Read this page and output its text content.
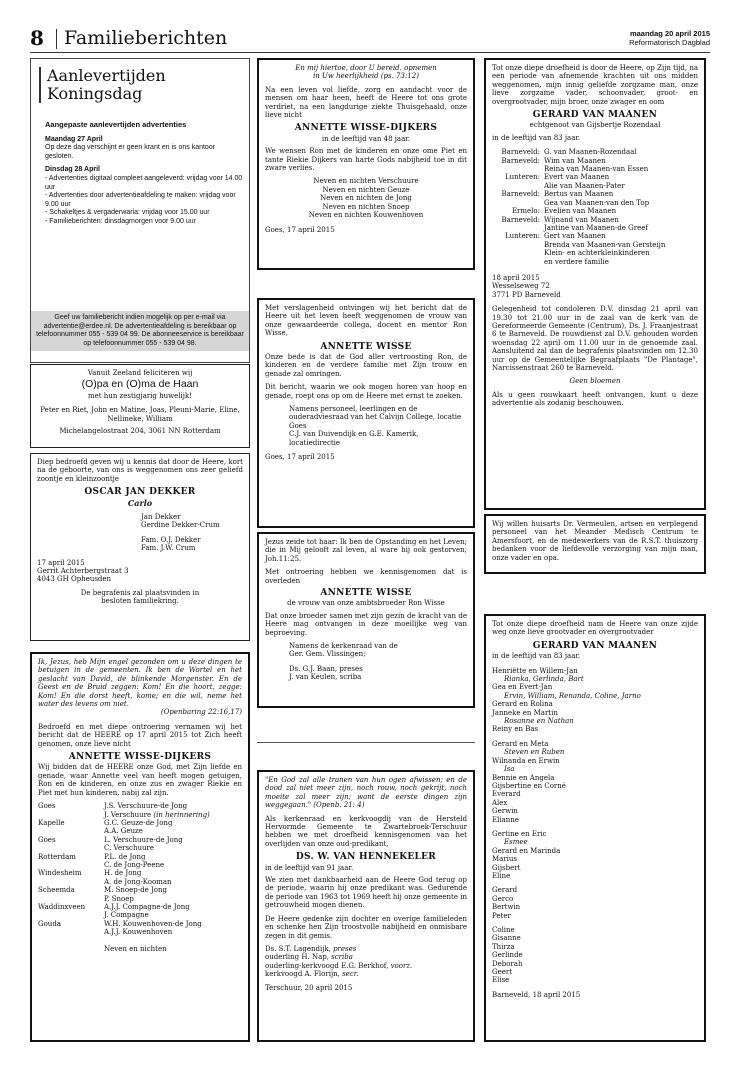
8 Familieberichten	maandag 20 april 2015
Reformatorisch Dagblad
Aanlevertijden
Koningsdag
Aangepaste aanlevertijden advertenties
Maandag 27 April

Op deze dag verschijnt er geen krant en is ons kantoor gesloten.

Dinsdag 28 April
- Advertenties digitaal compleet aangeleverd: vrijdag voor 14.00 uur
- Advertenties door advertentieafdeling te maken: vrijdag voor 9.00 uur
- Schakeltjes & vergaderwaria: vrijdag voor 15.00 uur
- Familieberichten: dinsdagmorgen voor 9.00 uur
Geef uw familiebericht indien mogelijk op per e-mail via advertentie@erdee.nl. De advertentieafdeling is bereikbaar op telefoonnummer 055 - 539 04 99. De abonneeservice is bereikbaar op telefoonnummer 055 - 539 04 98.
Vanuit Zeeland feliciteren wij
(O)pa en (O)ma de Haan
met hun zestigjarig huwelijk!
Peter en Riet, John en Matine, Joas, Pleuni-Marie, Eline, Nellineke, William
Michelangelostraat 204, 3061 NN Rotterdam

Diep bedroefd geven wij u kennis dat door de Heere, kort na de geboorte, van ons is weggenomen ons zeer geliefd zoontje en kleinzoontje

OSCAR JAN DEKKER
Carlo
Jan Dekker
Gerdine Dekker-Crum
Fam. O.J. Dekker
Fam. J.W. Crum
17 april 2015
Gerrit Achterbergstraat 3
4043 GH Opheusden
De begrafenis zal plaatsvinden in besloten familiekring.

Ik, Jezus, heb Mijn engel gezonden om u deze dingen te betuigen in de gemeenten. Ik ben de Wortel en het geslacht van David, de blinkende Morgenster. En de Geest en de Bruid zeggen: Kom! En die hoort, zegge: Kom! En die dorst heeft, kome; en die wil, neme het water des levens om niet.

(Openbaring 22:16,17)

Bedroefd en met diepe ontroering vernamen wij het bericht dat de HEERE op 17 april 2015 tot Zich heeft genomen, onze lieve nicht

ANNETTE WISSE-DIJKERS

Wij bidden dat de HEERE onze God, met Zijn liefde en genade, waar Annette veel van heeft mogen getuigen, Ron en de kinderen, en onze zus en zwager Riekie en Piet met hun kinderen, nabij zal zijn.

Goes	J.S. Verschuure-de Jong
J. Verschuure (in herinnering)
Kapelle	G.C. Geuze-de Jong
A.A. Geuze
Goes	L. Verschuure-de Jong
C. Verschuure
Rotterdam	P.L. de Jong
C. de Jong-Peene
Windesheim	H. de Jong
A. de Jong-Kooman
Scheemda	M. Snoep-de Jong
P. Snoep
Waddinxveen	A.J.J. Compagne-de Jong
J. Compagne
Gouda	W.H. Kouwenhoven-de Jong
A.J.J. Kouwenhoven
Neven en nichten

En mij hiertoe, door U bereid, opnemen in Uw heerlijkheid (ps. 73:12)

Na een leven vol liefde, zorg en aandacht voor de mensen om haar heen, heeft de Heere tot ons grote verdriet, na een langdurige ziekte Thuisgehaald, onze lieve nicht

ANNETTE WISSE-DIJKERS
in de leeftijd van 48 jaar.

We wensen Ron met de kinderen en onze ome Piet en tante Riekie Dijkers van harte Gods nabijheid toe in dit zware verlies.

Neven en nichten Verschuure
Neven en nichten Geuze
Neven en nichten de Jong
Neven en nichten Snoep
Neven en nichten Kouwenhoven
Goes, 17 april 2015

Met verslagenheid ontvingen wij het bericht dat de Heere uit het leven heeft weggenomen de vrouw van onze gewaardeerde collega, docent en mentor Ron Wisse,

ANNETTE WISSE

Onze bede is dat de God aller vertroosting Ron, de kinderen en de verdere familie met Zijn trouw en genade zal omringen.

Dit bericht, waarin we ook mogen horen van hoop en genade, roept ons op om de Heere met ernst te zoeken.

Namens personeel, leerlingen en de ouderadviesraad van het Calvijn College, locatie Goes
C.J. van Duivendijk en G.E. Kamerik, locatiedirectie
Goes, 17 april 2015

Jezus zeide tot haar: Ik ben de Opstanding en het Leven; die in Mij gelooft zal leven, al ware hij ook gestorven; Joh.11:25.

Met ontroering hebben we kennisgenomen dat is overleden

ANNETTE WISSE
de vrouw van onze ambtsbroeder Ron Wisse

Dat onze broeder samen met zijn gezin de kracht van de Heere mag ontvangen in deze moeilijke weg van beproeving.

Namens de kerkenraad van de
Ger. Gem. Vlissingen;
Ds. G.J. Baan, preses
J. van Keulen, scriba

"En God zal alle tranen van hun ogen afwissen; en de dood zal niet meer zijn, noch rouw, noch gekrijt, noch moeite zal meer zijn; want de eerste dingen zijn weggegaan." (Openb. 21: 4)

Als kerkenraad en kerkvoogdij van de Hersteld Hervormde Gemeente te Zwartebroek-Terschuur hebben we met droefheid kennisgenomen van het overlijden van onze oud-predikant,

DS. W. VAN HENNEKELER
in de leeftijd van 91 jaar.

We zien met dankbaarheid aan de Heere God terug op de periode, waarin hij onze predikant was. Gedurende de periode van 1963 tot 1969 heeft hij onze gemeente in getrouwheid mogen dienen.

De Heere gedenke zijn dochter en overige familieleden en schenke hen Zijn troostvolle nabijheid en onmisbare zegen in dit gemis.

Ds. S.T. Lagendijk, preses
ouderling H. Nap, scriba
ouderling-kerkvoogd E.G. Berkhof, voorz.
kerkvoogd A. Florijn, secr.
Terschuur, 20 april 2015

Tot onze diepe droefheid is door de Heere, op Zijn tijd, na een periode van afnemende krachten uit ons midden weggenomen, mijn innig geliefde zorgzame man, onze lieve zorgzame vader, schoonvader, groot- en overgrootvader, mijn broer, onze zwager en oom

GERARD VAN MAANEN
echtgenoot van Gijsbertje Rozendaal
in de leeftijd van 83 jaar.
Barneveld: G. van Maanen-Rozendaal
Barneveld: Wim van Maanen
Reina van Maanen-van Essen
Lunteren: Evert van Maanen
Alie van Maanen-Pater
Barneveld: Bertus van Maanen
Gea van Maanen-van den Top
Ermelo: Evelien van Maanen
Barneveld: Wijnand van Maanen
Jantine van Maanen-de Greef
Lunteren: Gert van Maanen
Brenda van Maanen-van Gersteijn
Klein- en achterkleinkinderen
en verdere familie
18 april 2015
Wesselseweg 72
3771 PD Barneveld

Gelegenheid tot condoleren D.V. dinsdag 21 april van 19.30 tot 21.00 uur in de zaal van de kerk van de Gereformeerde Gemeente (Centrum), Ds. J. Fraanjestraat 6 te Barneveld. De rouwdienst zal D.V. gehouden worden woensdag 22 april om 11.00 uur in de genoemde zaal. Aansluitend zal dan de begrafenis plaatsvinden om 12.30 uur op de Gemeentelijke Begraafplaats "De Plantage", Narcissenstraat 260 te Barneveld.

Geen bloemen

Als u geen rouwkaart heeft ontvangen, kunt u deze advertentie als zodanig beschouwen.

Wij willen huisarts Dr. Vermeulen, artsen en verplegend personeel van het Meander Medisch Centrum te Amersfoort, en de medewerkers van de R.S.T. thuiszorg bedanken voor de liefdevolle verzorging van mijn man, onze vader en opa.

Tot onze diepe droefheid nam de Heere van onze zijde weg onze lieve grootvader en overgrootvader

GERARD VAN MAANEN
in de leeftijd van 83 jaar.
Henriëtte en Willem-Jan
Rianka, Gerlinda, Bart
Gea en Evert-Jan
Ervin, William, Renanda, Coline, Jarno
Gerard en Rolina
Janneke en Martin
Rosanne en Nathan
Reiny en Bas
Gerard en Meta
Steven en Ruben
Wilnanda en Erwin
Isa
Bennie en Angela
Gijsbertine en Corné
Everard
Alex
Gerwin
Elianne
Gertine en Eric
Esmee
Gerard en Marinda
Marius
Gijsbert
Eline
Gerard
Gerco
Bertwin
Peter
Coline
Gisanne
Thirza
Gerlinde
Deborah
Geert
Elise
Barneveld, 18 april 2015
